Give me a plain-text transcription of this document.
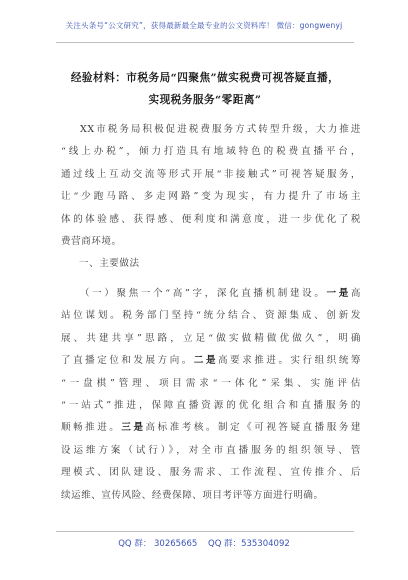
关注头条号“公文研究”，获得最新最全最专业的公文资料库！ 微信：gongwenyj
经验材料：市税务局“四聚焦”做实税费可视答疑直播，
实现税务服务“零距离”
XX市税务局积极促进税费服务方式转型升级，大力推进
“线上办税”，倾力打造具有地域特色的税费直播平台，
通过线上互动交流等形式开展“非接触式”可视答疑服务，
让“少跑马路、多走网路”变为现实，有力提升了市场主
体的体验感、获得感、便利度和满意度，进一步优化了税
费营商环境。
一、主要做法
（一）聚焦一个“高”字，深化直播机制建设。一是高
站位谋划。税务部门坚持“统分结合、资源集成、创新发
展、共建共享”思路，立足“做实做精做优做久”，明确
了直播定位和发展方向。二是高要求推进。实行组织统筹
“一盘棋”管理、项目需求“一体化”采集、实施评估
“一站式”推进，保障直播资源的优化组合和直播服务的
顺畅推进。三是高标准考核。制定《可视答疑直播服务建
设运维方案（试行）》，对全市直播服务的组织领导、管
理模式、团队建设、服务需求、工作流程、宣传推介、后
续运维、宣传风险、经费保障、项目考评等方面进行明确。
QQ 群： 30265665 QQ 群：535304092
